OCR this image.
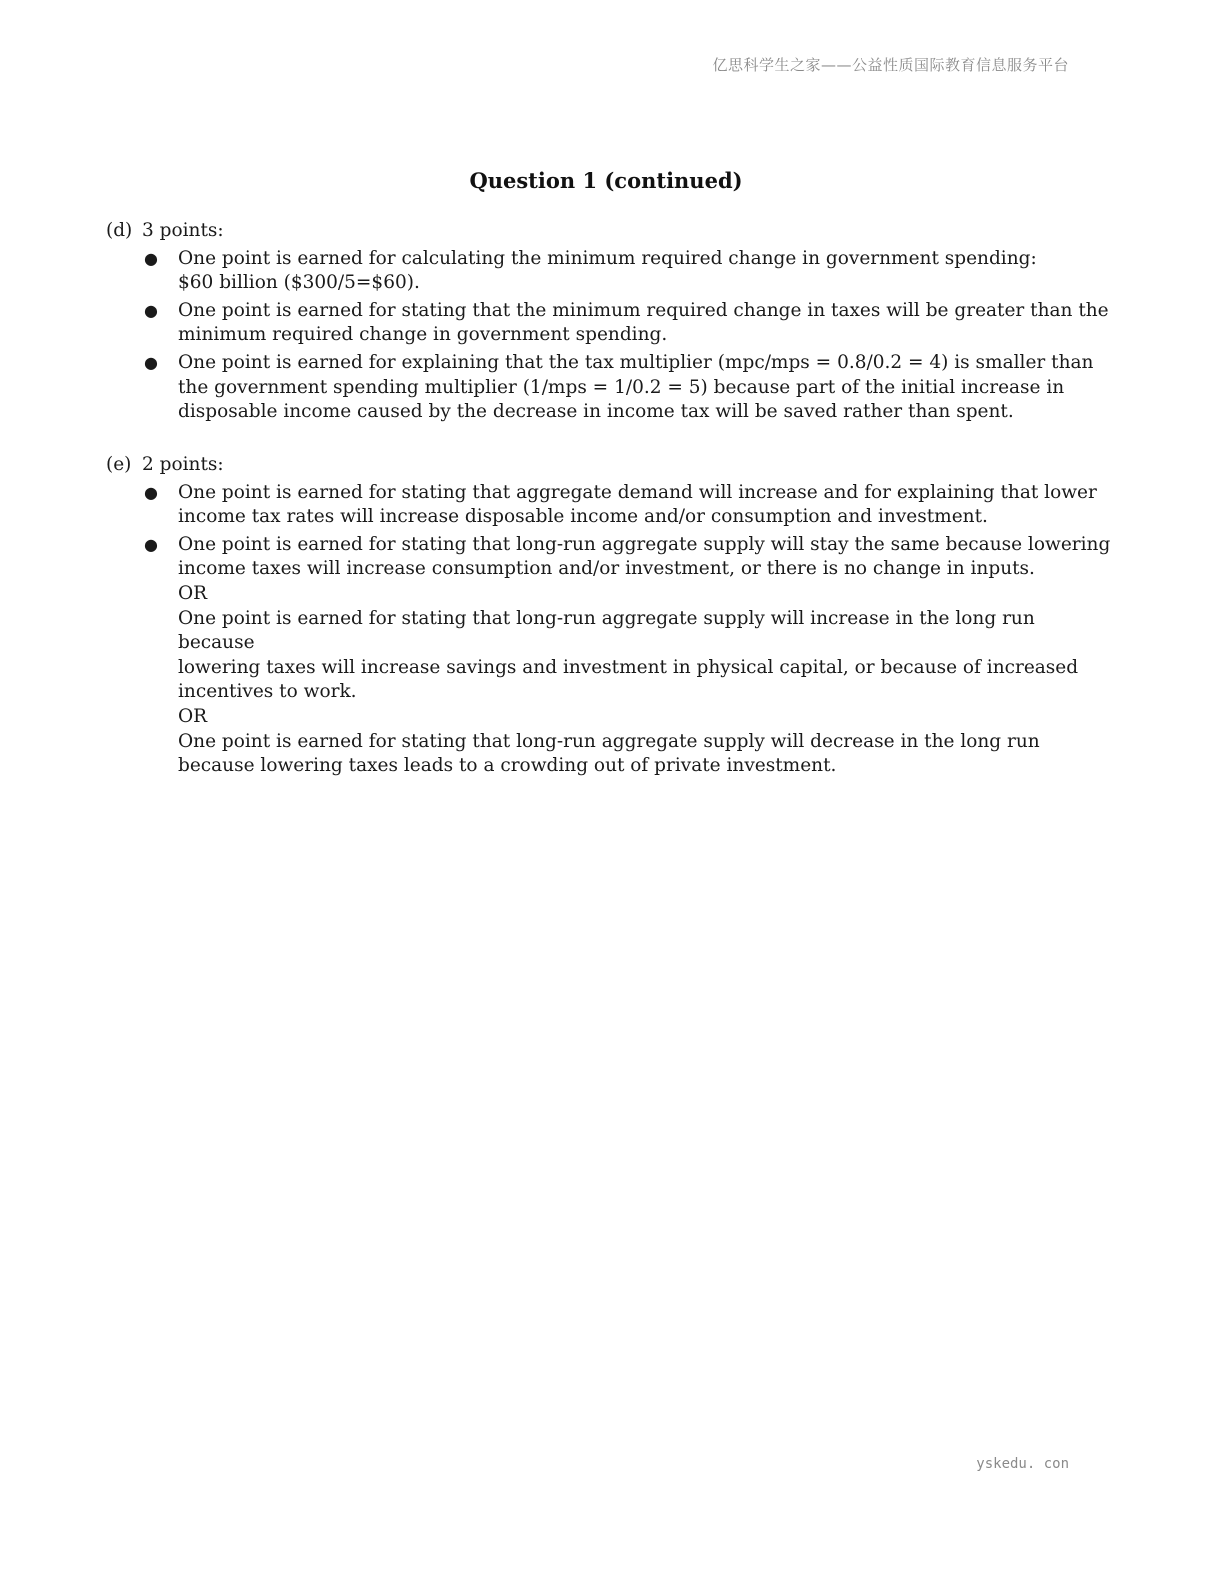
亿思科学生之家——公益性质国际教育信息服务平台
Question 1 (continued)
(d) 3 points:
● One point is earned for calculating the minimum required change in government spending:
$60 billion ($300/5=$60).
● One point is earned for stating that the minimum required change in taxes will be greater than the
minimum required change in government spending.
● One point is earned for explaining that the tax multiplier (mpc/mps = 0.8/0.2 = 4) is smaller than
the government spending multiplier (1/mps = 1/0.2 = 5) because part of the initial increase in
disposable income caused by the decrease in income tax will be saved rather than spent.
(e) 2 points:
● One point is earned for stating that aggregate demand will increase and for explaining that lower
income tax rates will increase disposable income and/or consumption and investment.
● One point is earned for stating that long-run aggregate supply will stay the same because lowering
income taxes will increase consumption and/or investment, or there is no change in inputs.
OR
One point is earned for stating that long-run aggregate supply will increase in the long run because
lowering taxes will increase savings and investment in physical capital, or because of increased
incentives to work.
OR
One point is earned for stating that long-run aggregate supply will decrease in the long run
because lowering taxes leads to a crowding out of private investment.
yskedu. con
